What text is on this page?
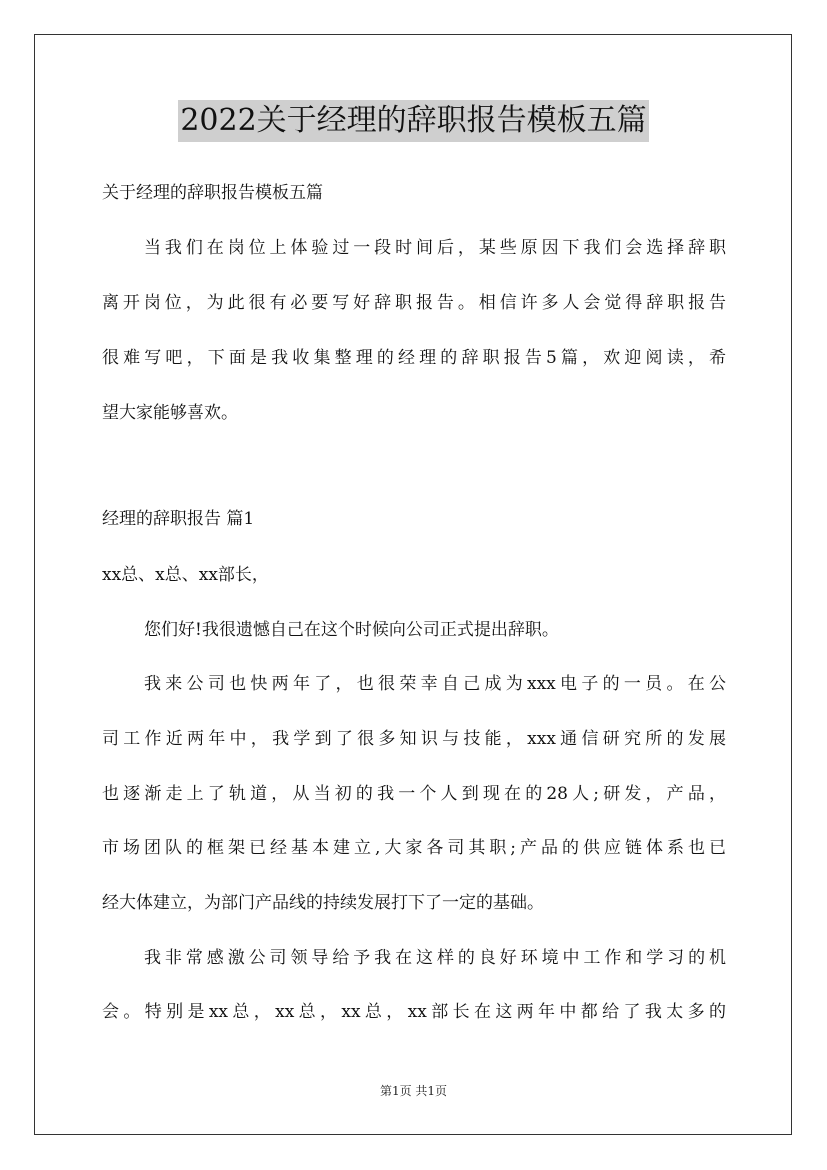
2022关于经理的辞职报告模板五篇

关于经理的辞职报告模板五篇

当我们在岗位上体验过一段时间后，某些原因下我们会选择辞职

离开岗位，为此很有必要写好辞职报告。相信许多人会觉得辞职报告

很难写吧，下面是我收集整理的经理的辞职报告5篇，欢迎阅读，希

望大家能够喜欢。

经理的辞职报告 篇1

xx总、x总、xx部长，

您们好!我很遗憾自己在这个时候向公司正式提出辞职。

我来公司也快两年了，也很荣幸自己成为xxx电子的一员。在公

司工作近两年中，我学到了很多知识与技能，xxx通信研究所的发展

也逐渐走上了轨道，从当初的我一个人到现在的28人;研发，产品，

市场团队的框架已经基本建立,大家各司其职;产品的供应链体系也已

经大体建立，为部门产品线的持续发展打下了一定的基础。

我非常感激公司领导给予我在这样的良好环境中工作和学习的机

会。特别是xx总，xx总，xx总，xx部长在这两年中都给了我太多的

第1页 共1页
